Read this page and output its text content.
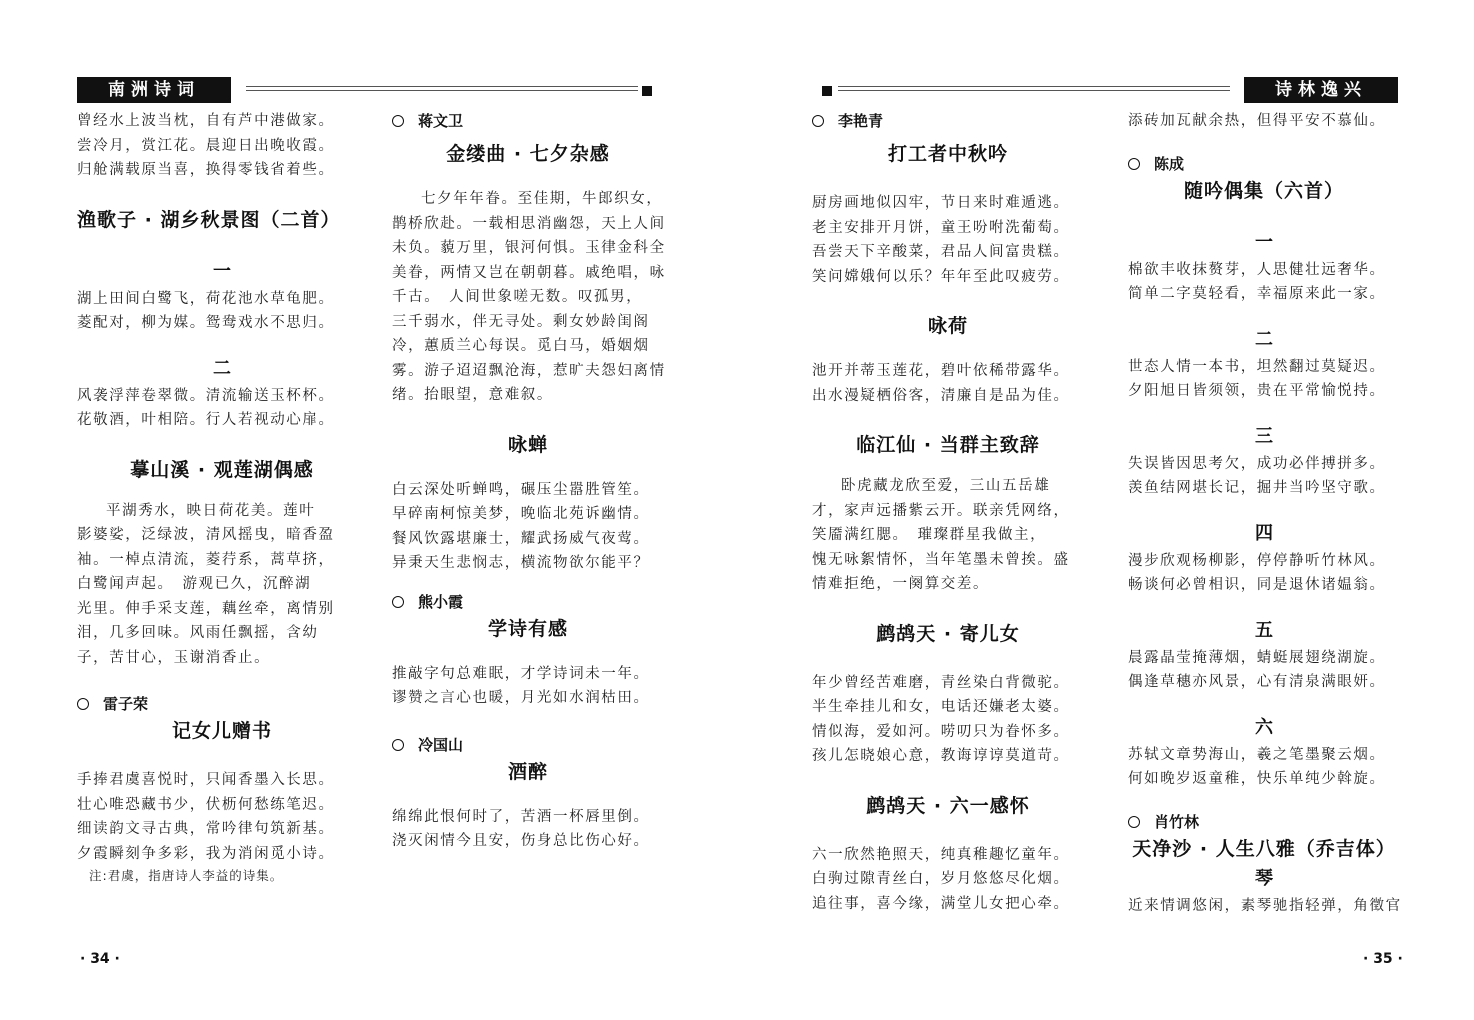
南洲诗词	诗林逸兴
曾经水上波当枕，自有芦中港做家。
尝冷月，赏江花。晨迎日出晚收霞。
归舱满载原当喜，换得零钱省着些。
渔歌子 · 湖乡秋景图（二首）
一
湖上田间白鹭飞，荷花池水草龟肥。
菱配对，柳为媒。鸳鸯戏水不思归。
二
风袭浮萍卷翠微。清流输送玉杯杯。
花敬酒，叶相陪。行人若视动心扉。
摹山溪 · 观莲湖偶感
平湖秀水，映日荷花美。莲叶
影婆娑，泛绿波，清风摇曳，暗香盈
袖。一棹点清流，菱荇系，蒿草挤，
白鹭闻声起。　游观已久，沉醉湖
光里。伸手采支莲，藕丝牵，离情别
泪，几多回味。风雨任飘摇，含幼
子，苦甘心，玉谢消香止。
雷子荣
记女儿赠书
手捧君虞喜悦时，只闻香墨入长思。
壮心唯恐藏书少，伏枥何愁练笔迟。
细读韵文寻古典，常吟律句筑新基。
夕霞瞬刻争多彩，我为消闲觅小诗。
注:君虞，指唐诗人李益的诗集。
蒋文卫
金缕曲 · 七夕杂感
七夕年年眷。至佳期，牛郎织女，
鹊桥欣赴。一载相思消幽怨，天上人间
未负。藐万里，银河何惧。玉律金科全
美眷，两情又岂在朝朝暮。戚绝唱，咏
千古。　人间世象嗟无数。叹孤男，
三千弱水，伴无寻处。剩女妙龄闺阁
冷，蕙质兰心每误。觅白马，婚姻烟
雾。游子迢迢飘沧海，惹旷夫怨妇离情
绪。抬眼望，意难叙。
咏蝉
白云深处听蝉鸣，碾压尘嚣胜管笙。
早碎南柯惊美梦，晚临北苑诉幽情。
餐风饮露堪廉士，耀武扬威气夜莺。
异秉天生悲悯志，横流物欲尔能平？
熊小霞
学诗有感
推敲字句总难眠，才学诗词未一年。
谬赞之言心也暖，月光如水润枯田。
冷国山
酒醉
绵绵此恨何时了，苦酒一杯唇里倒。
浇灭闲情今且安，伤身总比伤心好。
李艳青
打工者中秋吟
厨房画地似囚牢，节日来时难遁逃。
老主安排开月饼，童王吩咐洗葡萄。
吾尝天下辛酸菜，君品人间富贵糕。
笑问嫦娥何以乐？年年至此叹疲劳。
咏荷
池开并蒂玉莲花，碧叶依稀带露华。
出水漫疑栖俗客，清廉自是品为佳。
临江仙 · 当群主致辞
卧虎藏龙欣至爱，三山五岳雄
才，家声远播紫云开。联亲凭网络，
笑靥满红腮。　璀璨群星我做主，
愧无咏絮情怀，当年笔墨未曾挨。盛
情难拒绝，一阕算交差。
鹧鸪天 · 寄儿女
年少曾经苦难磨，青丝染白背微驼。
半生牵挂儿和女，电话还嫌老太婆。
情似海，爱如河。唠叨只为眷怀多。
孩儿怎晓娘心意，教诲谆谆莫道苛。
鹧鸪天 · 六一感怀
六一欣然艳照天，纯真稚趣忆童年。
白驹过隙青丝白，岁月悠悠尽化烟。
追往事，喜今缘，满堂儿女把心牵。
添砖加瓦献余热，但得平安不慕仙。
陈成
随吟偶集（六首）
一
棉欲丰收抹赘芽，人思健壮远奢华。
简单二字莫轻看，幸福原来此一家。
二
世态人情一本书，坦然翻过莫疑迟。
夕阳旭日皆须领，贵在平常愉悦持。
三
失误皆因思考欠，成功必伴搏拼多。
羡鱼结网堪长记，掘井当吟坚守歌。
四
漫步欣观杨柳影，停停静听竹林风。
畅谈何必曾相识，同是退休诸媪翁。
五
晨露晶莹掩薄烟，蜻蜓展翅绕湖旋。
偶逢草穗亦风景，心有清泉满眼妍。
六
苏轼文章势海山，羲之笔墨聚云烟。
何如晚岁返童稚，快乐单纯少斡旋。
肖竹林
天净沙 · 人生八雅（乔吉体）
琴
近来情调悠闲，素琴驰指轻弹，角徵官
· 34 ·	· 35 ·
